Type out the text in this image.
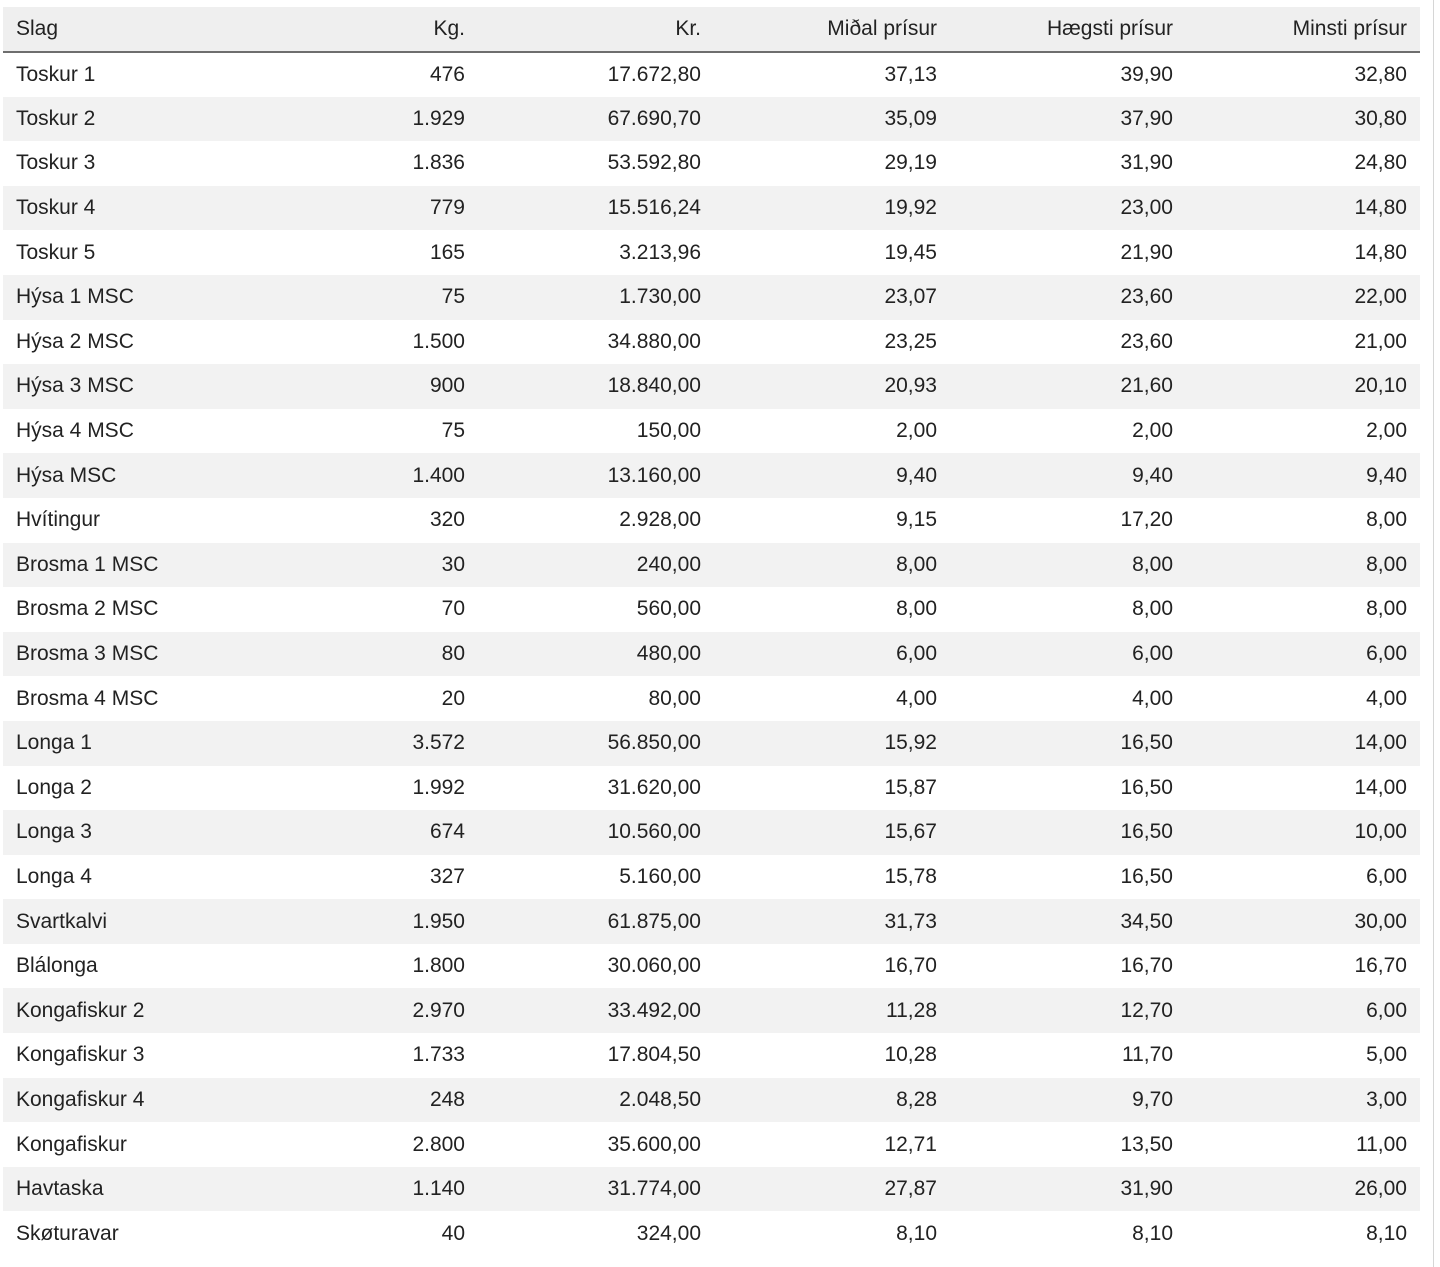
Slag	Kg.	Kr.	Miðal prísur	Hægsti prísur	Minsti prísur
Toskur 1	476	17.672,80	37,13	39,90	32,80
Toskur 2	1.929	67.690,70	35,09	37,90	30,80
Toskur 3	1.836	53.592,80	29,19	31,90	24,80
Toskur 4	779	15.516,24	19,92	23,00	14,80
Toskur 5	165	3.213,96	19,45	21,90	14,80
Hýsa 1 MSC	75	1.730,00	23,07	23,60	22,00
Hýsa 2 MSC	1.500	34.880,00	23,25	23,60	21,00
Hýsa 3 MSC	900	18.840,00	20,93	21,60	20,10
Hýsa 4 MSC	75	150,00	2,00	2,00	2,00
Hýsa MSC	1.400	13.160,00	9,40	9,40	9,40
Hvítingur	320	2.928,00	9,15	17,20	8,00
Brosma 1 MSC	30	240,00	8,00	8,00	8,00
Brosma 2 MSC	70	560,00	8,00	8,00	8,00
Brosma 3 MSC	80	480,00	6,00	6,00	6,00
Brosma 4 MSC	20	80,00	4,00	4,00	4,00
Longa 1	3.572	56.850,00	15,92	16,50	14,00
Longa 2	1.992	31.620,00	15,87	16,50	14,00
Longa 3	674	10.560,00	15,67	16,50	10,00
Longa 4	327	5.160,00	15,78	16,50	6,00
Svartkalvi	1.950	61.875,00	31,73	34,50	30,00
Blálonga	1.800	30.060,00	16,70	16,70	16,70
Kongafiskur 2	2.970	33.492,00	11,28	12,70	6,00
Kongafiskur 3	1.733	17.804,50	10,28	11,70	5,00
Kongafiskur 4	248	2.048,50	8,28	9,70	3,00
Kongafiskur	2.800	35.600,00	12,71	13,50	11,00
Havtaska	1.140	31.774,00	27,87	31,90	26,00
Skøturavar	40	324,00	8,10	8,10	8,10
